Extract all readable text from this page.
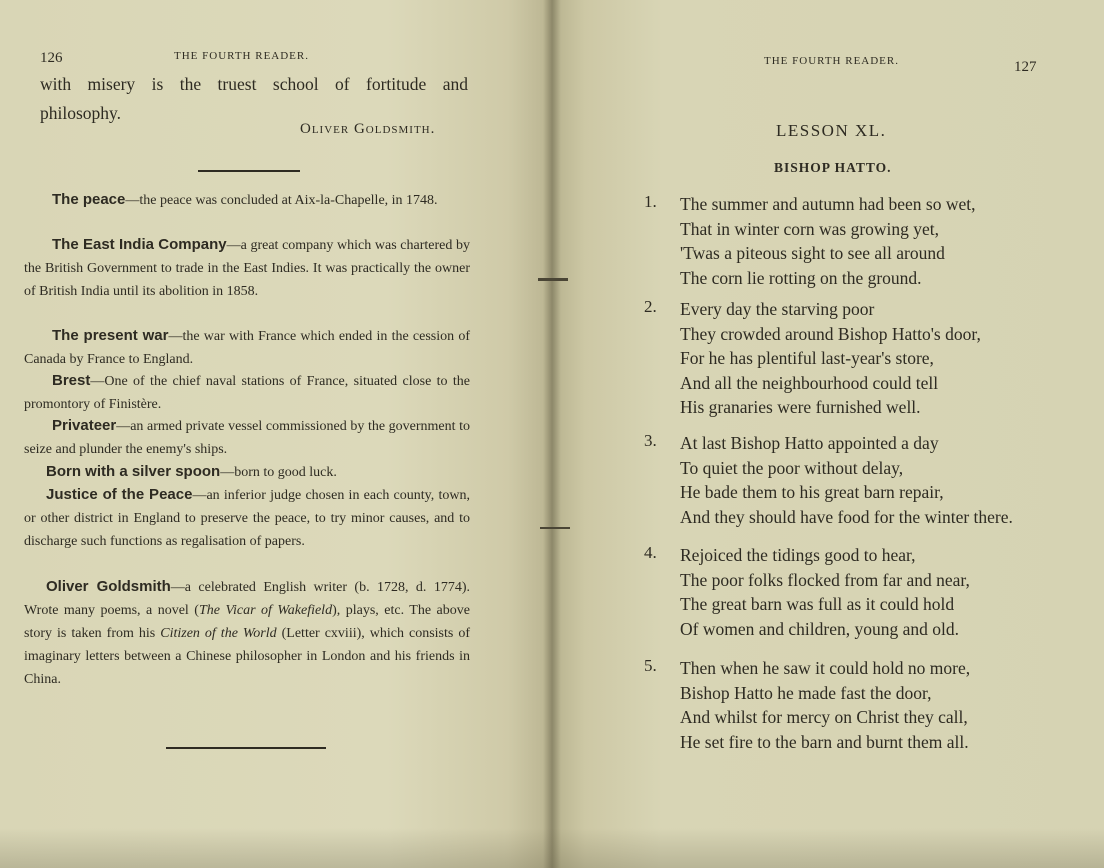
126	THE FOURTH READER.
with misery is the truest school of fortitude and
philosophy.
Oliver Goldsmith.
The peace—the peace was concluded at Aix-la-Chapelle, in 1748.
The East India Company—a great company which was chartered by the British Government to trade in the East Indies. It was practically the owner of British India until its abolition in 1858.
The present war—the war with France which ended in the cession of Canada by France to England.
Brest—One of the chief naval stations of France, situated close to the promontory of Finistère.
Privateer—an armed private vessel commissioned by the government to seize and plunder the enemy's ships.
Born with a silver spoon—born to good luck.
Justice of the Peace—an inferior judge chosen in each county, town, or other district in England to preserve the peace, to try minor causes, and to discharge such functions as regalisation of papers.
Oliver Goldsmith—a celebrated English writer (b. 1728, d. 1774). Wrote many poems, a novel (The Vicar of Wakefield), plays, etc. The above story is taken from his Citizen of the World (Letter cxviii), which consists of imaginary letters between a Chinese philosopher in London and his friends in China.
THE FOURTH READER.	127
LESSON XL.
BISHOP HATTO.
1. The summer and autumn had been so wet,
That in winter corn was growing yet,
'Twas a piteous sight to see all around
The corn lie rotting on the ground.
2. Every day the starving poor
They crowded around Bishop Hatto's door,
For he has plentiful last-year's store,
And all the neighbourhood could tell
His granaries were furnished well.
3. At last Bishop Hatto appointed a day
To quiet the poor without delay,
He bade them to his great barn repair,
And they should have food for the winter there.
4. Rejoiced the tidings good to hear,
The poor folks flocked from far and near,
The great barn was full as it could hold
Of women and children, young and old.
5. Then when he saw it could hold no more,
Bishop Hatto he made fast the door,
And whilst for mercy on Christ they call,
He set fire to the barn and burnt them all.
